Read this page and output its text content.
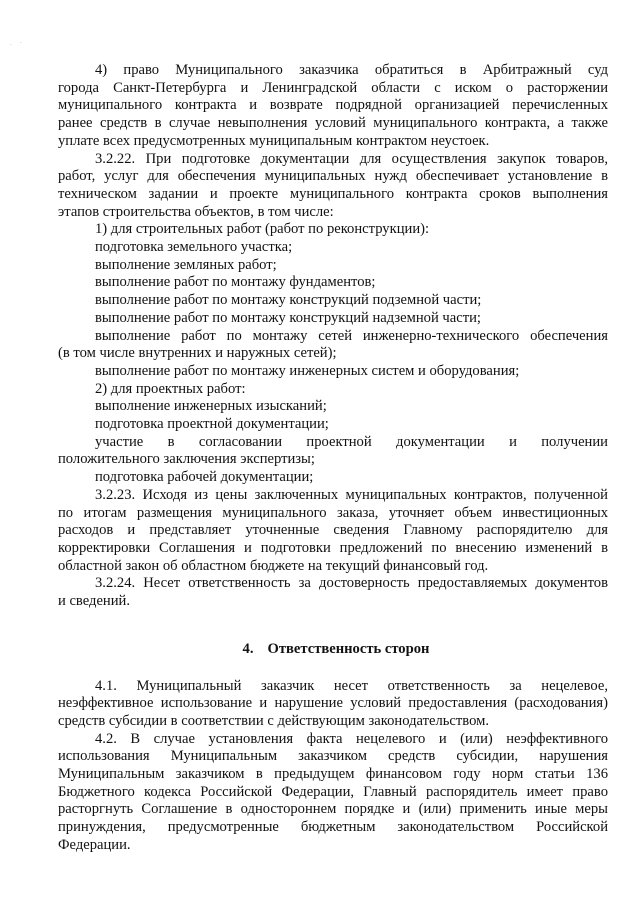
. ·

4) право Муниципального заказчика обратиться в Арбитражный суд

города Санкт-Петербурга и Ленинградской области с иском о расторжении

муниципального контракта и возврате подрядной организацией перечисленных

ранее средств в случае невыполнения условий муниципального контракта, а также

уплате всех предусмотренных муниципальным контрактом неустоек.

3.2.22. При подготовке документации для осуществления закупок товаров,

работ, услуг для обеспечения муниципальных нужд обеспечивает установление в

техническом задании и проекте муниципального контракта сроков выполнения

этапов строительства объектов, в том числе:

1) для строительных работ (работ по реконструкции):

подготовка земельного участка;

выполнение земляных работ;

выполнение работ по монтажу фундаментов;

выполнение работ по монтажу конструкций подземной части;

выполнение работ по монтажу конструкций надземной части;

выполнение работ по монтажу сетей инженерно-технического обеспечения

(в том числе внутренних и наружных сетей);

выполнение работ по монтажу инженерных систем и оборудования;

2) для проектных работ:

выполнение инженерных изысканий;

подготовка проектной документации;

участие в согласовании проектной документации и получении

положительного заключения экспертизы;

подготовка рабочей документации;

3.2.23. Исходя из цены заключенных муниципальных контрактов, полученной

по итогам размещения муниципального заказа, уточняет объем инвестиционных

расходов и представляет уточненные сведения Главному распорядителю для

корректировки Соглашения и подготовки предложений по внесению изменений в

областной закон об областном бюджете на текущий финансовый год.

3.2.24. Несет ответственность за достоверность предоставляемых документов

и сведений.

4. Ответственность сторон

4.1. Муниципальный заказчик несет ответственность за нецелевое,

неэффективное использование и нарушение условий предоставления (расходования)

средств субсидии в соответствии с действующим законодательством.

4.2. В случае установления факта нецелевого и (или) неэффективного

использования Муниципальным заказчиком средств субсидии, нарушения

Муниципальным заказчиком в предыдущем финансовом году норм статьи 136

Бюджетного кодекса Российской Федерации, Главный распорядитель имеет право

расторгнуть Соглашение в одностороннем порядке и (или) применить иные меры

принуждения, предусмотренные бюджетным законодательством Российской

Федерации.
